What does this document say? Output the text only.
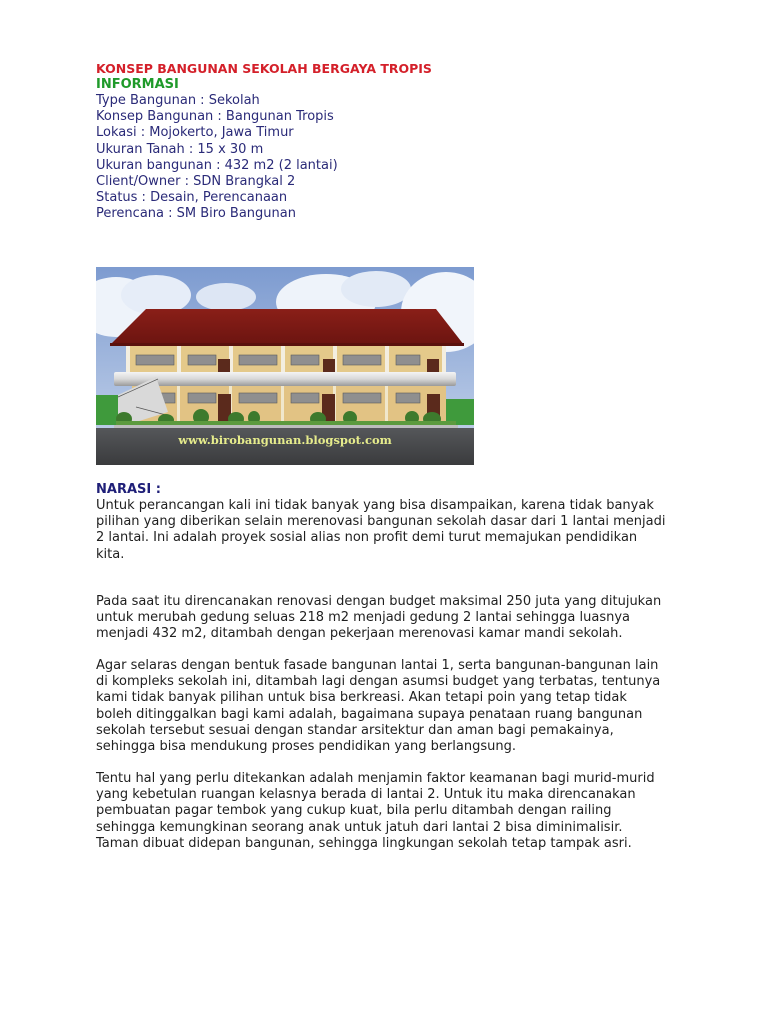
KONSEP BANGUNAN SEKOLAH BERGAYA TROPIS
INFORMASI
Type Bangunan : Sekolah
Konsep Bangunan : Bangunan Tropis
Lokasi : Mojokerto, Jawa Timur
Ukuran Tanah : 15 x 30 m
Ukuran bangunan : 432 m2 (2 lantai)
Client/Owner : SDN Brangkal 2
Status : Desain, Perencanaan
Perencana : SM Biro Bangunan
www.birobangunan.blogspot.com
NARASI :

Untuk perancangan kali ini tidak banyak yang bisa disampaikan, karena tidak banyak
pilihan yang diberikan selain merenovasi bangunan sekolah dasar dari 1 lantai menjadi
2 lantai. Ini adalah proyek sosial alias non profit demi turut memajukan pendidikan
kita.

Pada saat itu direncanakan renovasi dengan budget maksimal 250 juta yang ditujukan
untuk merubah gedung seluas 218 m2 menjadi gedung 2 lantai sehingga luasnya
menjadi 432 m2, ditambah dengan pekerjaan merenovasi kamar mandi sekolah.

Agar selaras dengan bentuk fasade bangunan lantai 1, serta bangunan-bangunan lain
di kompleks sekolah ini, ditambah lagi dengan asumsi budget yang terbatas, tentunya
kami tidak banyak pilihan untuk bisa berkreasi. Akan tetapi poin yang tetap tidak
boleh ditinggalkan bagi kami adalah, bagaimana supaya penataan ruang bangunan
sekolah tersebut sesuai dengan standar arsitektur dan aman bagi pemakainya,
sehingga bisa mendukung proses pendidikan yang berlangsung.

Tentu hal yang perlu ditekankan adalah menjamin faktor keamanan bagi murid-murid
yang kebetulan ruangan kelasnya berada di lantai 2. Untuk itu maka direncanakan
pembuatan pagar tembok yang cukup kuat, bila perlu ditambah dengan railing
sehingga kemungkinan seorang anak untuk jatuh dari lantai 2 bisa diminimalisir.
Taman dibuat didepan bangunan, sehingga lingkungan sekolah tetap tampak asri.
